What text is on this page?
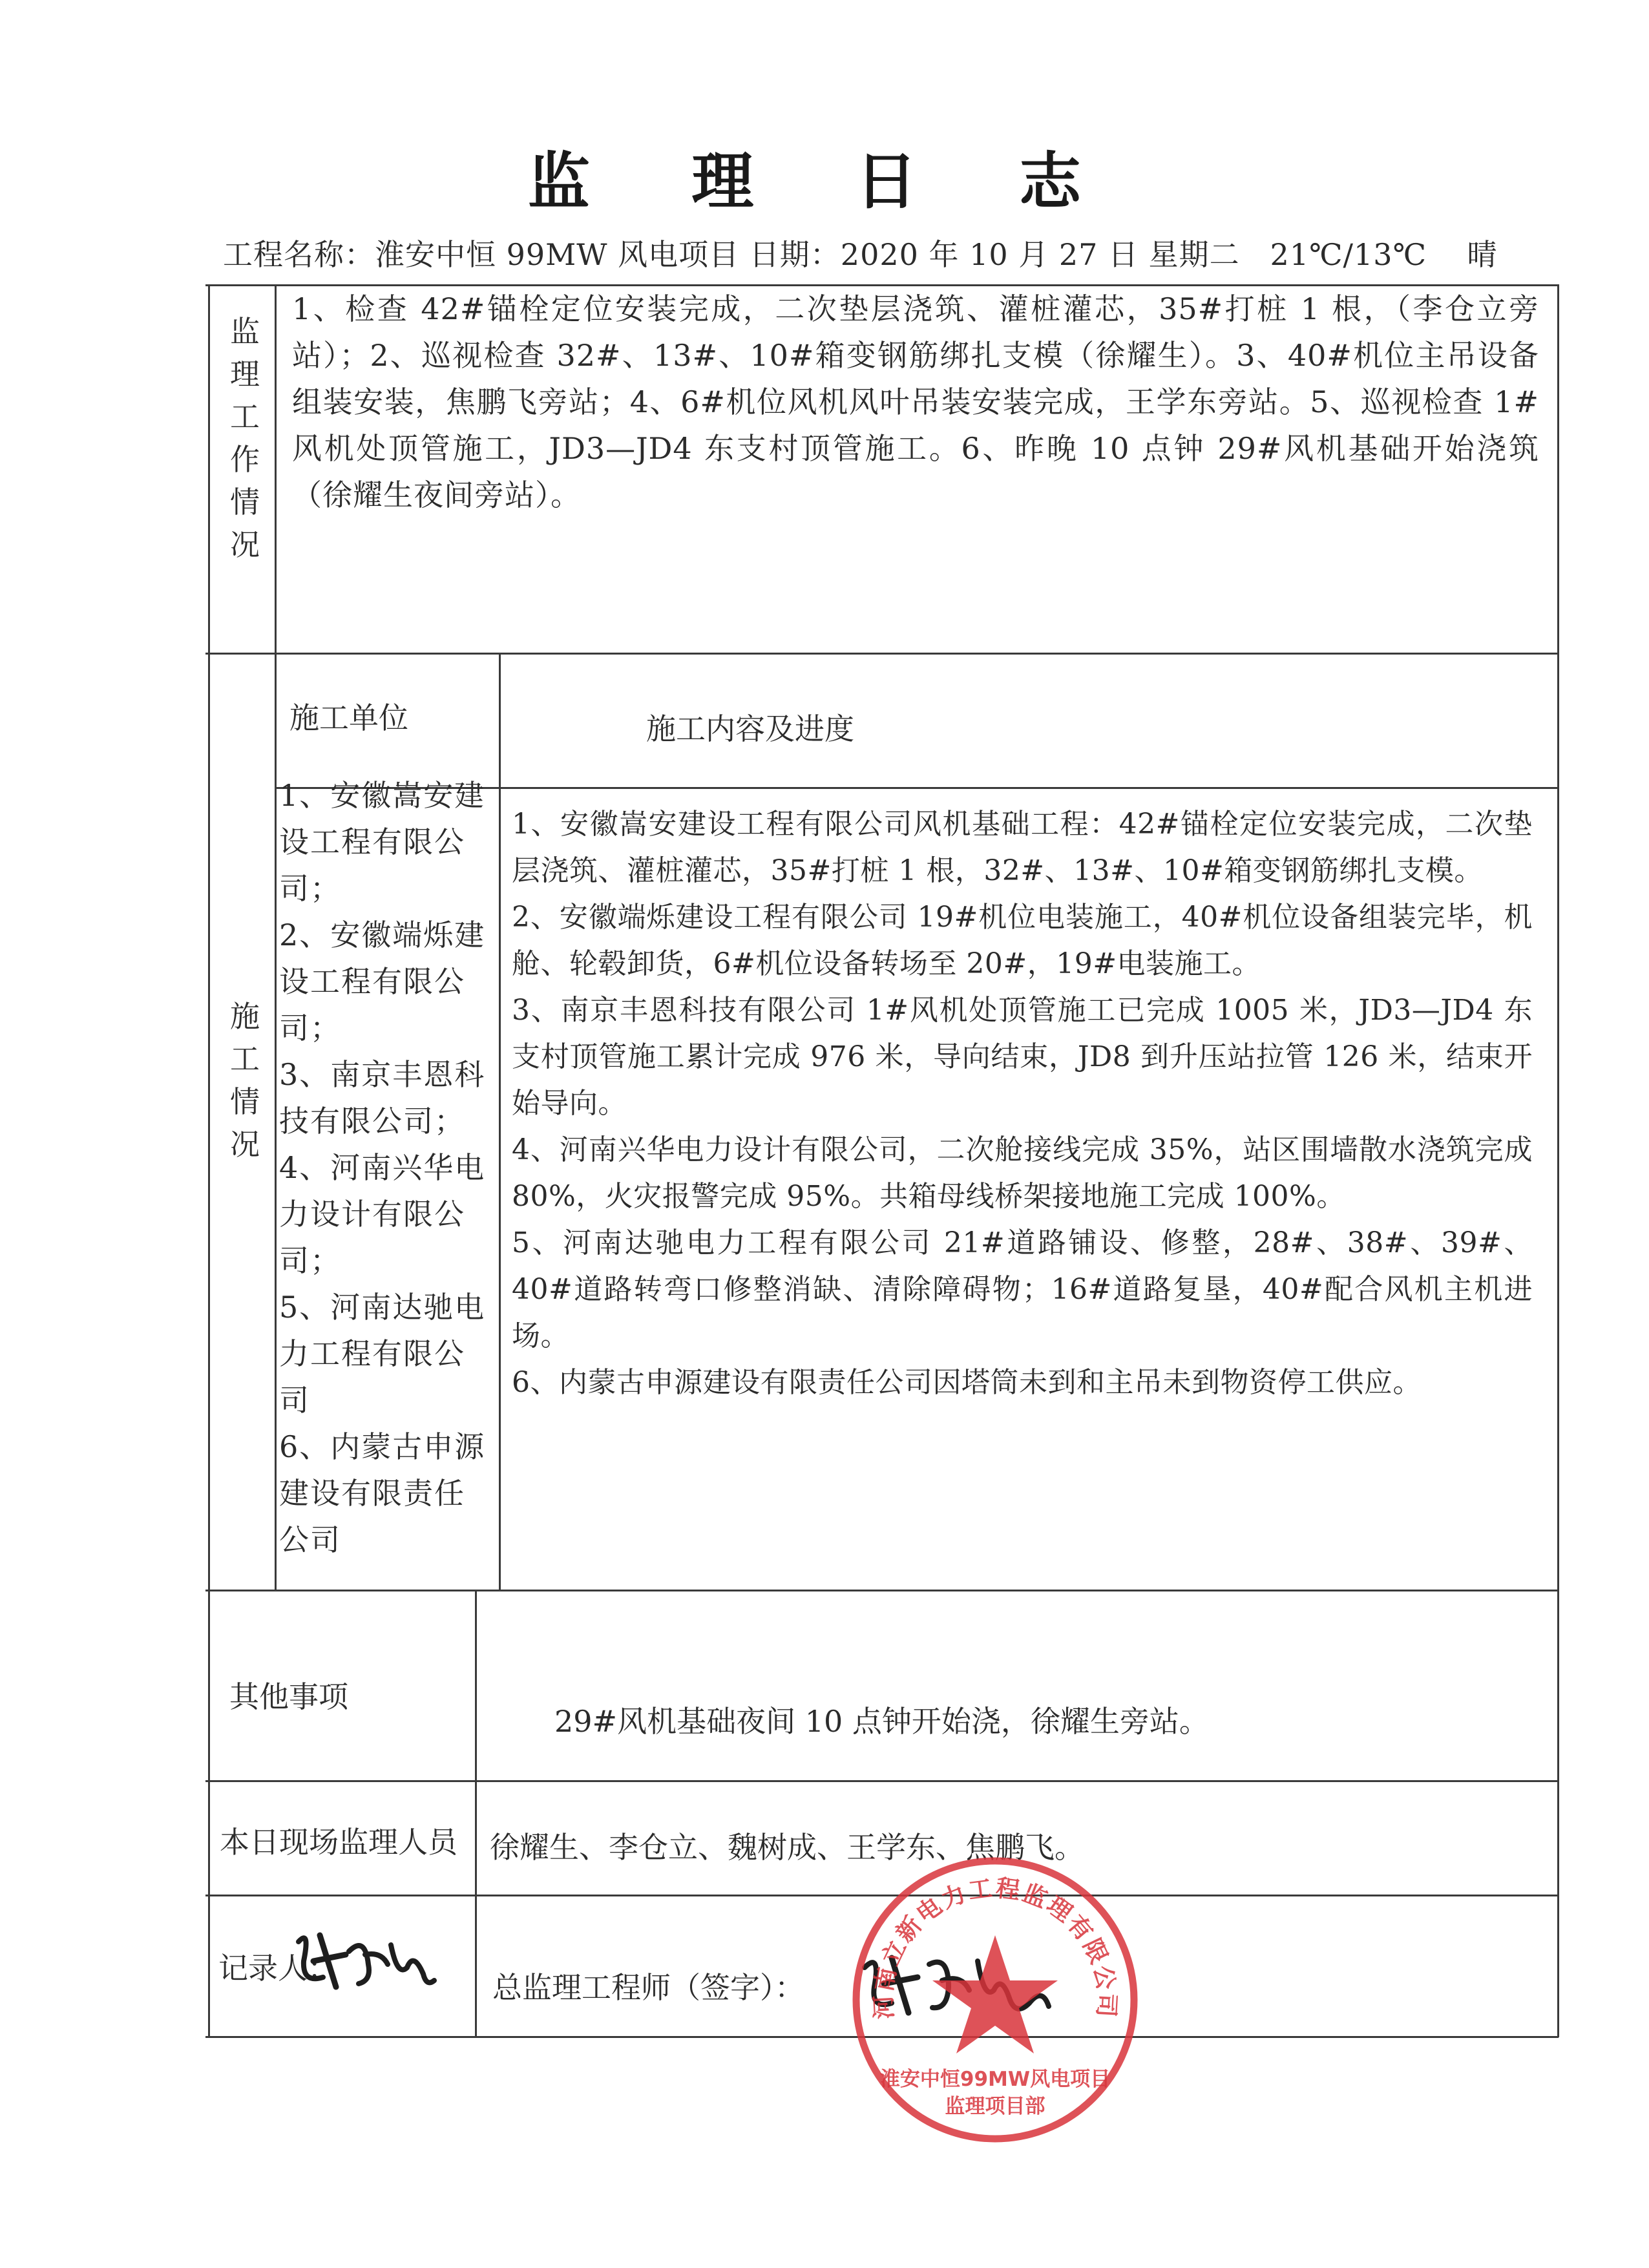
监 理 日 志
工程名称：淮安中恒 99MW 风电项目 日期：2020 年 10 月 27 日 星期二 21℃/13℃ 晴
监理工作情况
1、检查 42#锚栓定位安装完成，二次垫层浇筑、灌桩灌芯，35#打桩 1 根，（李仓立旁站）；2、巡视检查 32#、13#、10#箱变钢筋绑扎支模（徐耀生）。3、40#机位主吊设备组装安装，焦鹏飞旁站；4、6#机位风机风叶吊装安装完成，王学东旁站。5、巡视检查 1#风机处顶管施工，JD3—JD4 东支村顶管施工。6、昨晚 10 点钟 29#风机基础开始浇筑（徐耀生夜间旁站）。
施工情况
施工单位	施工内容及进度
1、安徽嵩安建设工程有限公司；
2、安徽端烁建设工程有限公司；
3、南京丰恩科技有限公司；
4、河南兴华电力设计有限公司；
5、河南达驰电力工程有限公司
6、内蒙古申源建设有限责任公司

1、安徽嵩安建设工程有限公司风机基础工程：42#锚栓定位安装完成，二次垫层浇筑、灌桩灌芯，35#打桩 1 根，32#、13#、10#箱变钢筋绑扎支模。

2、安徽端烁建设工程有限公司 19#机位电装施工，40#机位设备组装完毕，机舱、轮毂卸货，6#机位设备转场至 20#，19#电装施工。

3、南京丰恩科技有限公司 1#风机处顶管施工已完成 1005 米，JD3—JD4 东支村顶管施工累计完成 976 米，导向结束，JD8 到升压站拉管 126 米，结束开始导向。

4、河南兴华电力设计有限公司，二次舱接线完成 35%，站区围墙散水浇筑完成 80%，火灾报警完成 95%。共箱母线桥架接地施工完成 100%。

5、河南达驰电力工程有限公司 21#道路铺设、修整，28#、38#、39#、40#道路转弯口修整消缺、清除障碍物；16#道路复垦，40#配合风机主机进场。

6、内蒙古申源建设有限责任公司因塔筒未到和主吊未到物资停工供应。

其他事项
29#风机基础夜间 10 点钟开始浇，徐耀生旁站。
本日现场监理人员 徐耀生、李仓立、魏树成、王学东、焦鹏飞。
记录人：
总监理工程师（签字）：
河南立新电力工程监理有限公司
淮安中恒99MW风电项目
监理项目部
